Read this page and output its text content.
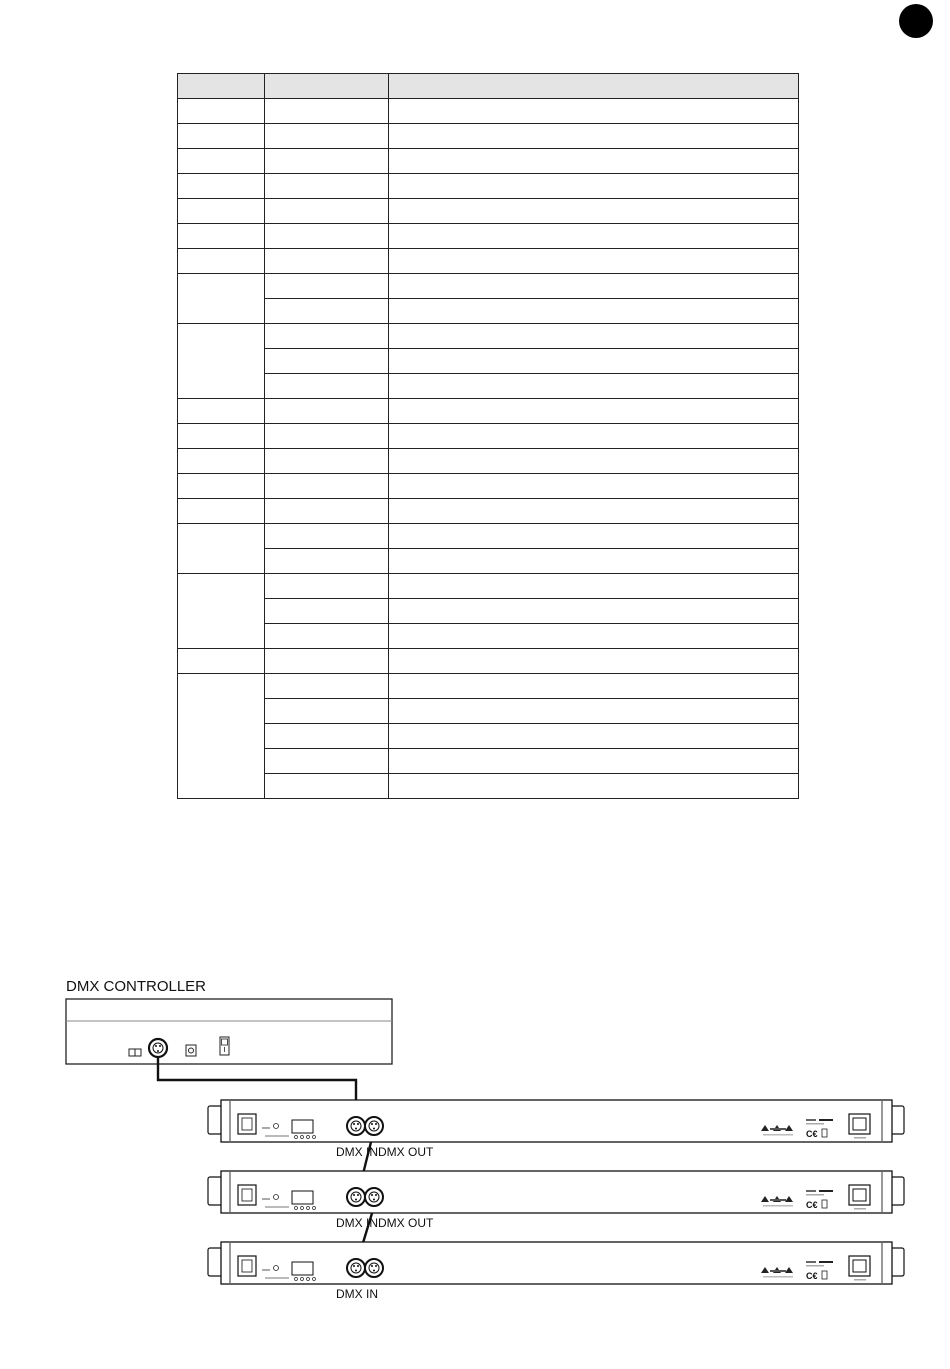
DMX CONTROLLER
C€
DMX IN DMX OUT
C€
DMX IN DMX OUT
C€
DMX IN
